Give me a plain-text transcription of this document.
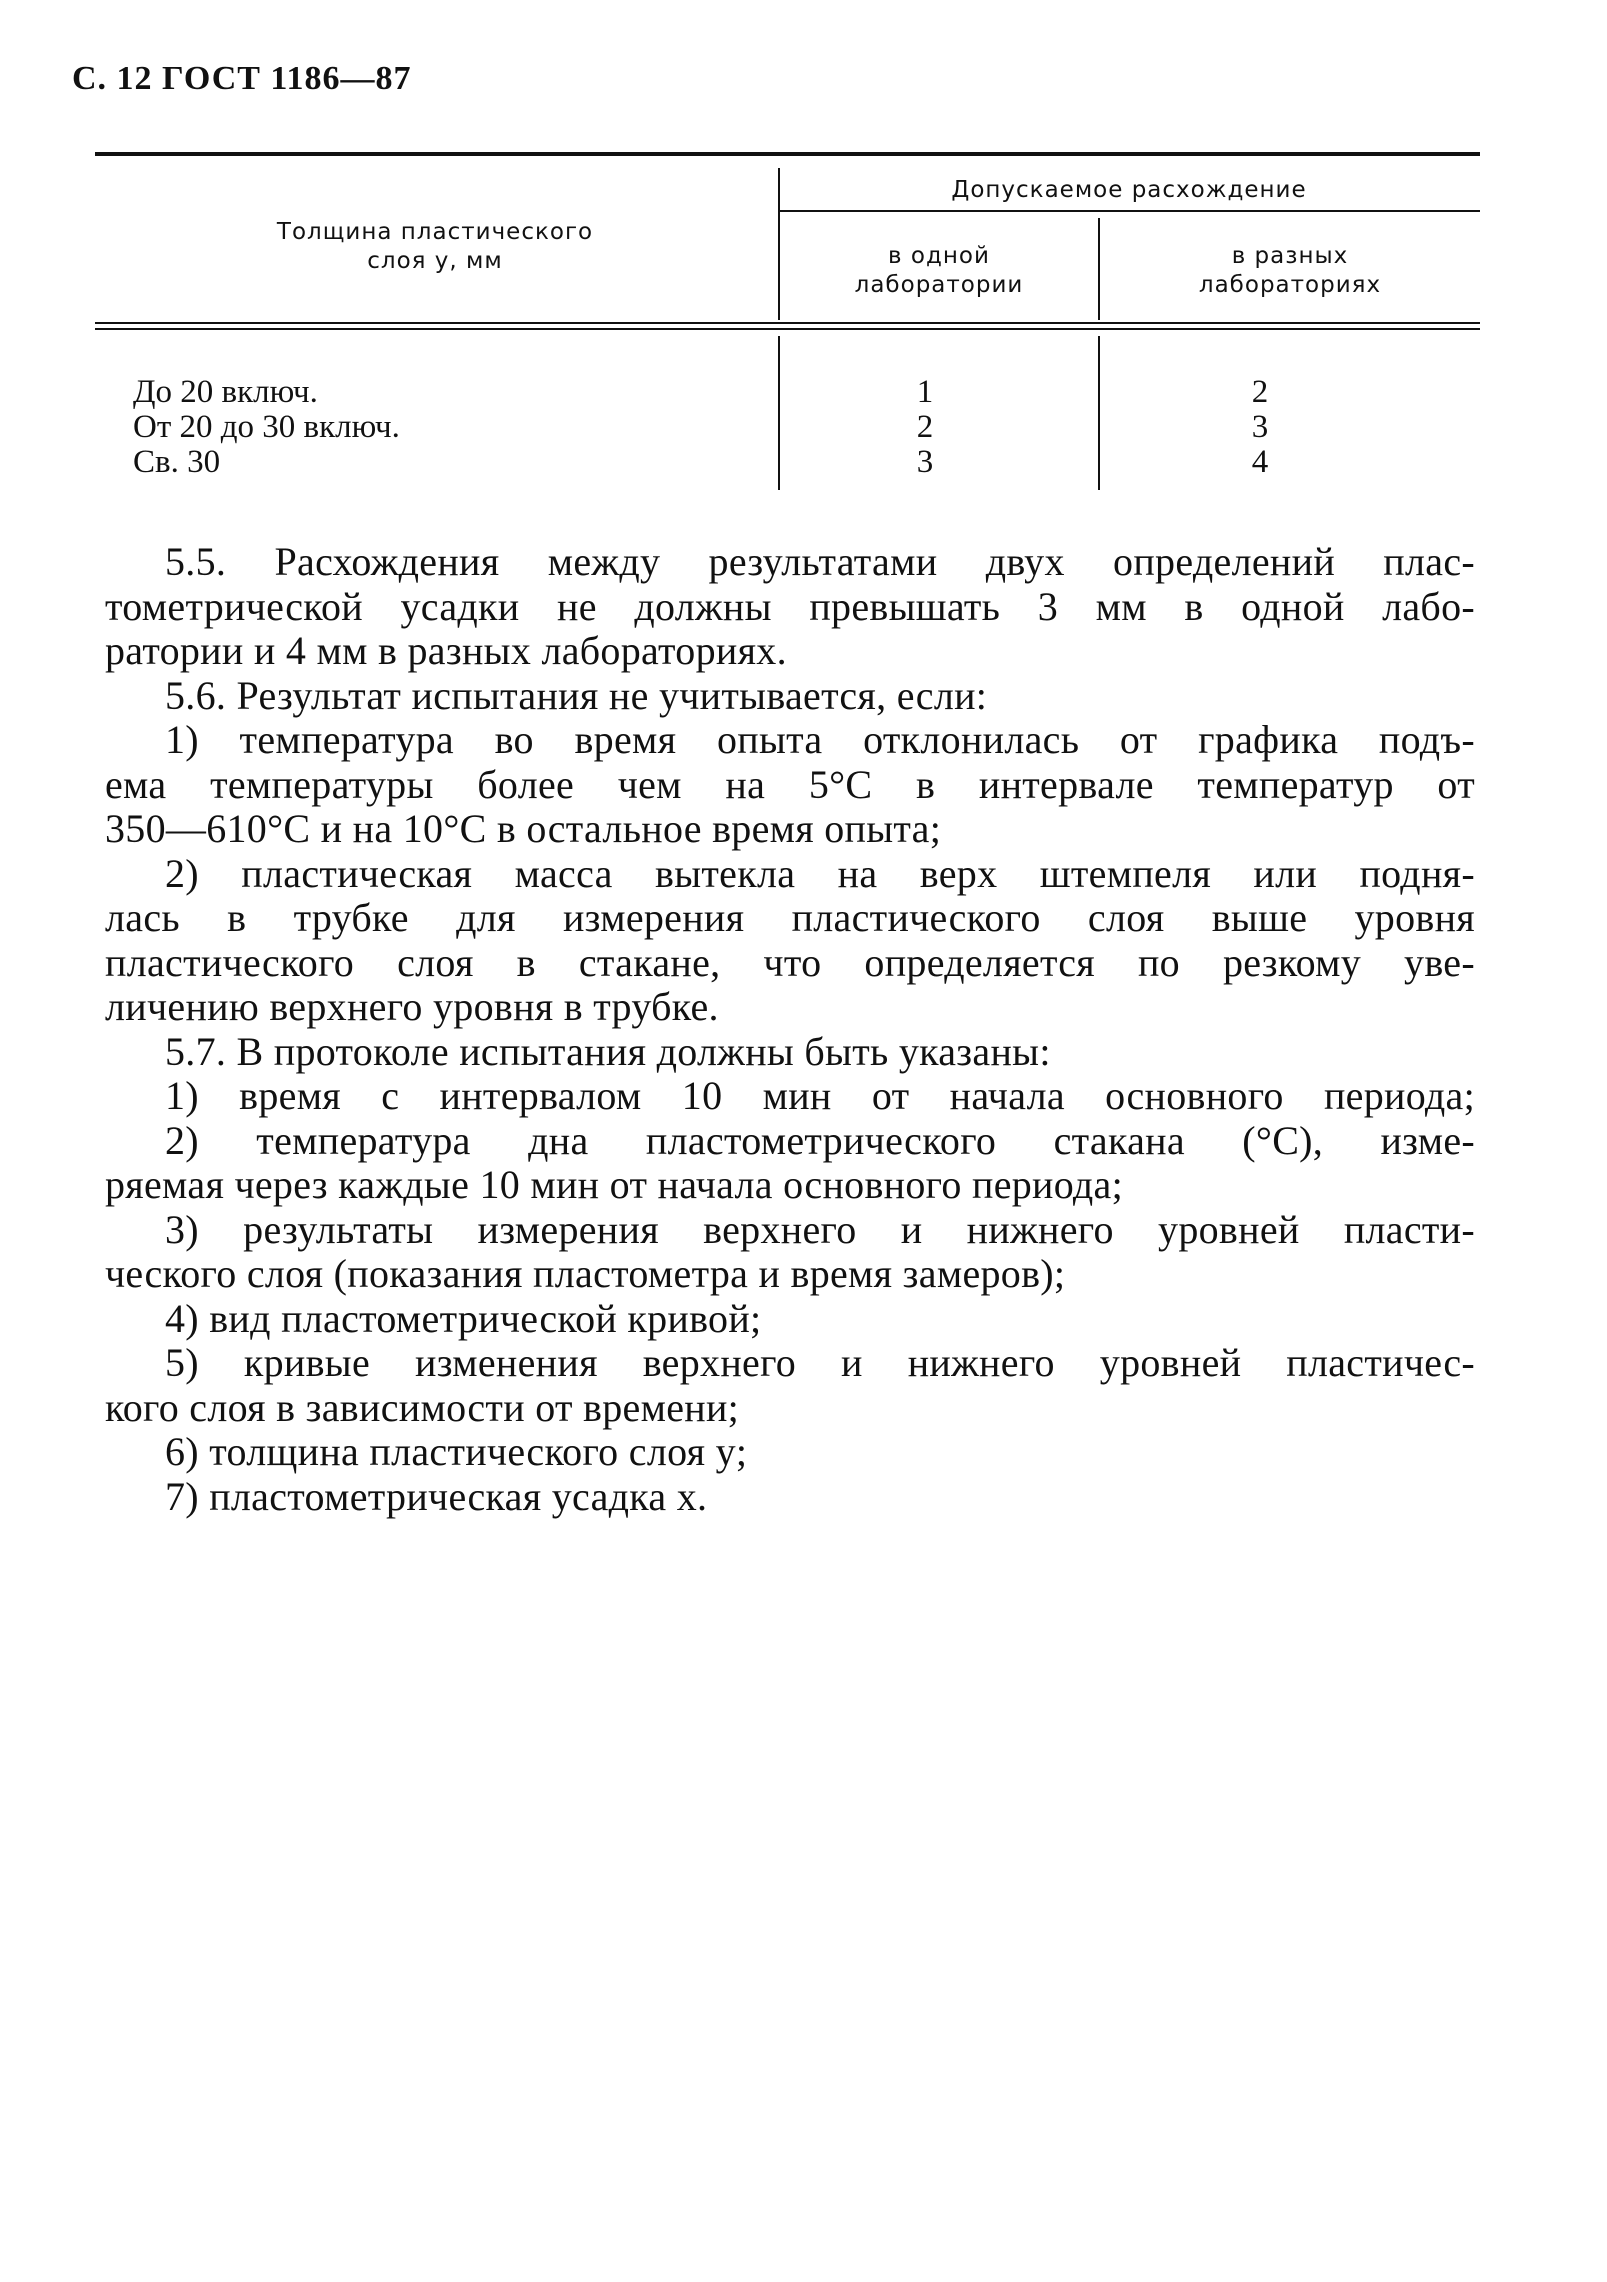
С. 12 ГОСТ 1186—87
Толщина пластического
слоя y, мм
Допускаемое расхождение
в одной
лаборатории
в разных
лабораториях
До 20 включ.
От 20 до 30 включ.
Св. 30
1
2
3
2
3
4
5.5. Расхождения между результатами двух определений плас-
тометрической усадки не должны превышать 3 мм в одной лабо-
ратории и 4 мм в разных лабораториях.
5.6. Результат испытания не учитывается, если:
1) температура во время опыта отклонилась от графика подъ-
ема температуры более чем на 5°С в интервале температур от
350—610°С и на 10°С в остальное время опыта;
2) пластическая масса вытекла на верх штемпеля или подня-
лась в трубке для измерения пластического слоя выше уровня
пластического слоя в стакане, что определяется по резкому уве-
личению верхнего уровня в трубке.
5.7. В протоколе испытания должны быть указаны:
1) время с интервалом 10 мин от начала основного периода;
2) температура дна пластометрического стакана (°С), изме-
ряемая через каждые 10 мин от начала основного периода;
3) результаты измерения верхнего и нижнего уровней пласти-
ческого слоя (показания пластометра и время замеров);
4) вид пластометрической кривой;
5) кривые изменения верхнего и нижнего уровней пластичес-
кого слоя в зависимости от времени;
6) толщина пластического слоя y;
7) пластометрическая усадка x.
